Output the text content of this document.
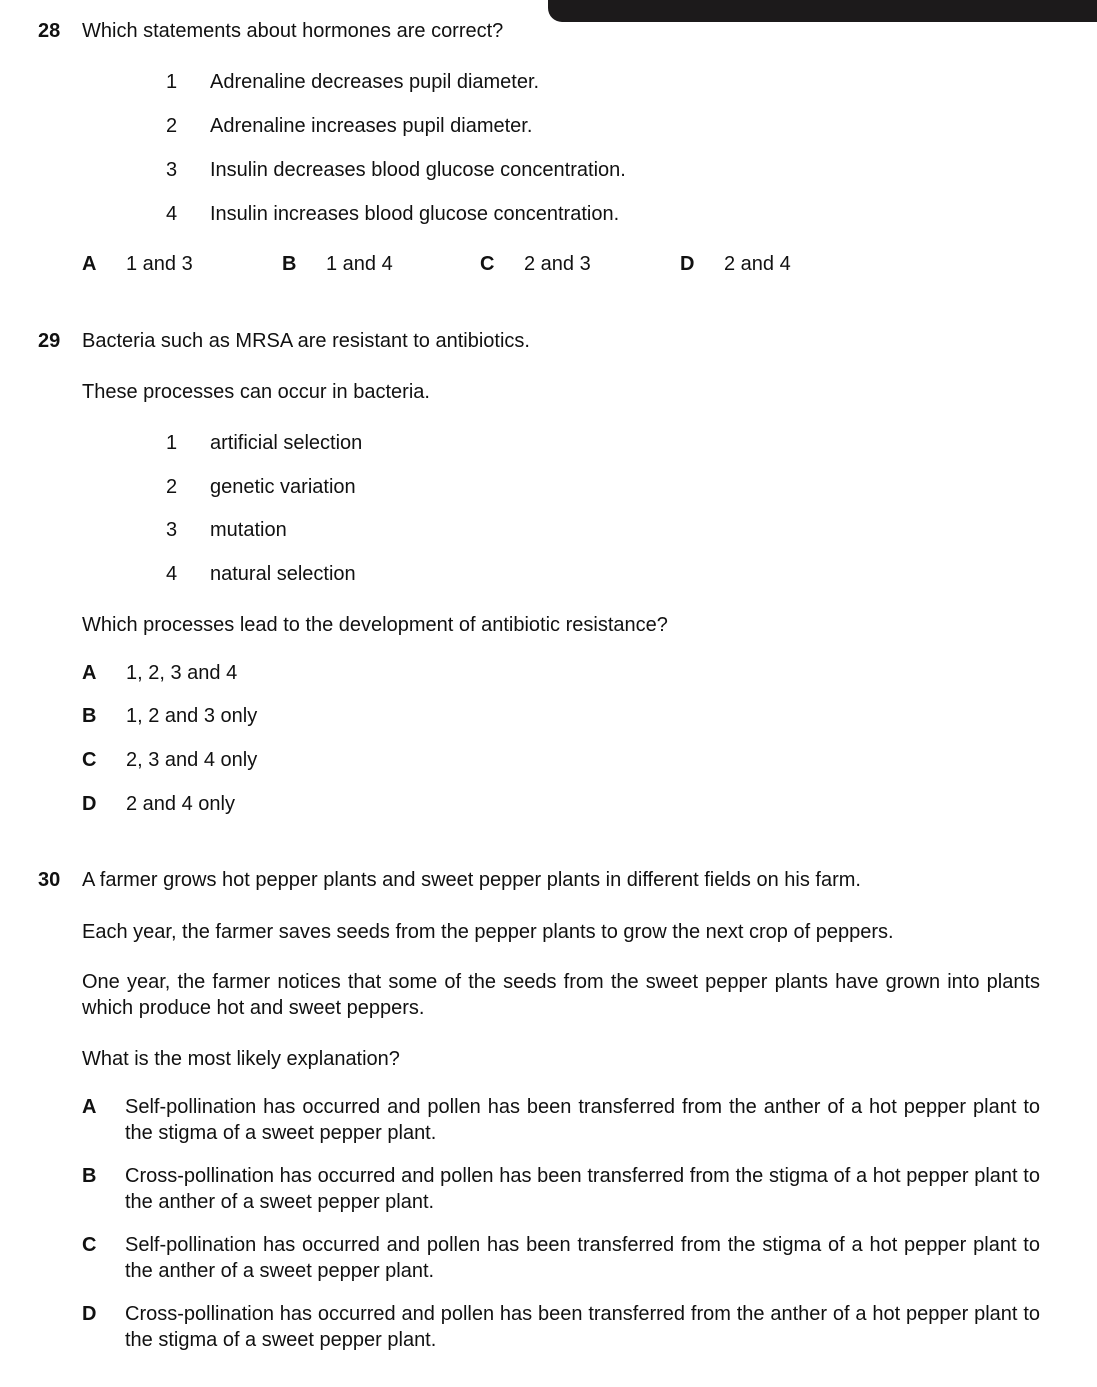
28 Which statements about hormones are correct?
1 Adrenaline decreases pupil diameter.
2 Adrenaline increases pupil diameter.
3 Insulin decreases blood glucose concentration.
4 Insulin increases blood glucose concentration.
A 1 and 3	B 1 and 4	C 2 and 3	D 2 and 4
29 Bacteria such as MRSA are resistant to antibiotics.
These processes can occur in bacteria.
1 artificial selection
2 genetic variation
3 mutation
4 natural selection
Which processes lead to the development of antibiotic resistance?
A 1, 2, 3 and 4
B 1, 2 and 3 only
C 2, 3 and 4 only
D 2 and 4 only
30 A farmer grows hot pepper plants and sweet pepper plants in different fields on his farm.
Each year, the farmer saves seeds from the pepper plants to grow the next crop of peppers.
One year, the farmer notices that some of the seeds from the sweet pepper plants have grown into plants which produce hot and sweet peppers.
What is the most likely explanation?
A Self-pollination has occurred and pollen has been transferred from the anther of a hot pepper plant to the stigma of a sweet pepper plant.
B Cross-pollination has occurred and pollen has been transferred from the stigma of a hot pepper plant to the anther of a sweet pepper plant.
C Self-pollination has occurred and pollen has been transferred from the stigma of a hot pepper plant to the anther of a sweet pepper plant.
D Cross-pollination has occurred and pollen has been transferred from the anther of a hot pepper plant to the stigma of a sweet pepper plant.
